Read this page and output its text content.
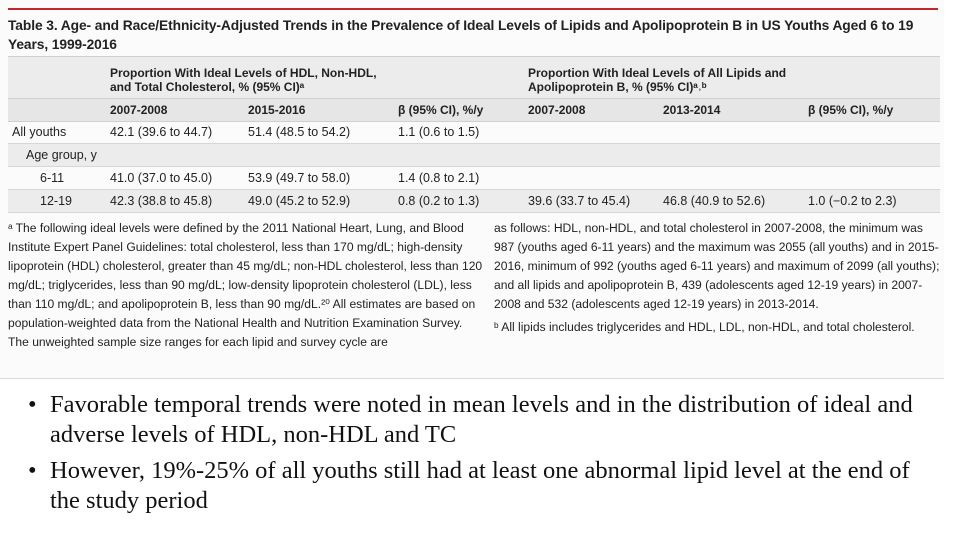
Table 3. Age- and Race/Ethnicity-Adjusted Trends in the Prevalence of Ideal Levels of Lipids and Apolipoprotein B in US Youths Aged 6 to 19 Years, 1999-2016
Proportion With Ideal Levels of HDL, Non-HDL,
and Total Cholesterol, % (95% CI)ᵃ
Proportion With Ideal Levels of All Lipids and
Apolipoprotein B, % (95% CI)ᵃ˒ᵇ
2007-2008	2015-2016	β (95% CI), %/y	2007-2008	2013-2014	β (95% CI), %/y
All youths	42.1 (39.6 to 44.7)	51.4 (48.5 to 54.2)	1.1 (0.6 to 1.5)
Age group, y
6-11	41.0 (37.0 to 45.0)	53.9 (49.7 to 58.0)	1.4 (0.8 to 2.1)
12-19	42.3 (38.8 to 45.8)	49.0 (45.2 to 52.9)	0.8 (0.2 to 1.3)	39.6 (33.7 to 45.4)	46.8 (40.9 to 52.6)	1.0 (−0.2 to 2.3)

ᵃ The following ideal levels were defined by the 2011 National Heart, Lung, and Blood Institute Expert Panel Guidelines: total cholesterol, less than 170 mg/dL; high-density lipoprotein (HDL) cholesterol, greater than 45 mg/dL; non-HDL cholesterol, less than 120 mg/dL; triglycerides, less than 90 mg/dL; low-density lipoprotein cholesterol (LDL), less than 110 mg/dL; and apolipoprotein B, less than 90 mg/dL.²⁰ All estimates are based on population-weighted data from the National Health and Nutrition Examination Survey. The unweighted sample size ranges for each lipid and survey cycle are

as follows: HDL, non-HDL, and total cholesterol in 2007-2008, the minimum was 987 (youths aged 6-11 years) and the maximum was 2055 (all youths) and in 2015-2016, minimum of 992 (youths aged 6-11 years) and maximum of 2099 (all youths); and all lipids and apolipoprotein B, 439 (adolescents aged 12-19 years) in 2007-2008 and 532 (adolescents aged 12-19 years) in 2013-2014.

ᵇ All lipids includes triglycerides and HDL, LDL, non-HDL, and total cholesterol.

• Favorable temporal trends were noted in mean levels and in the distribution of ideal and adverse levels of HDL, non-HDL and TC
• However, 19%-25% of all youths still had at least one abnormal lipid level at the end of the study period
